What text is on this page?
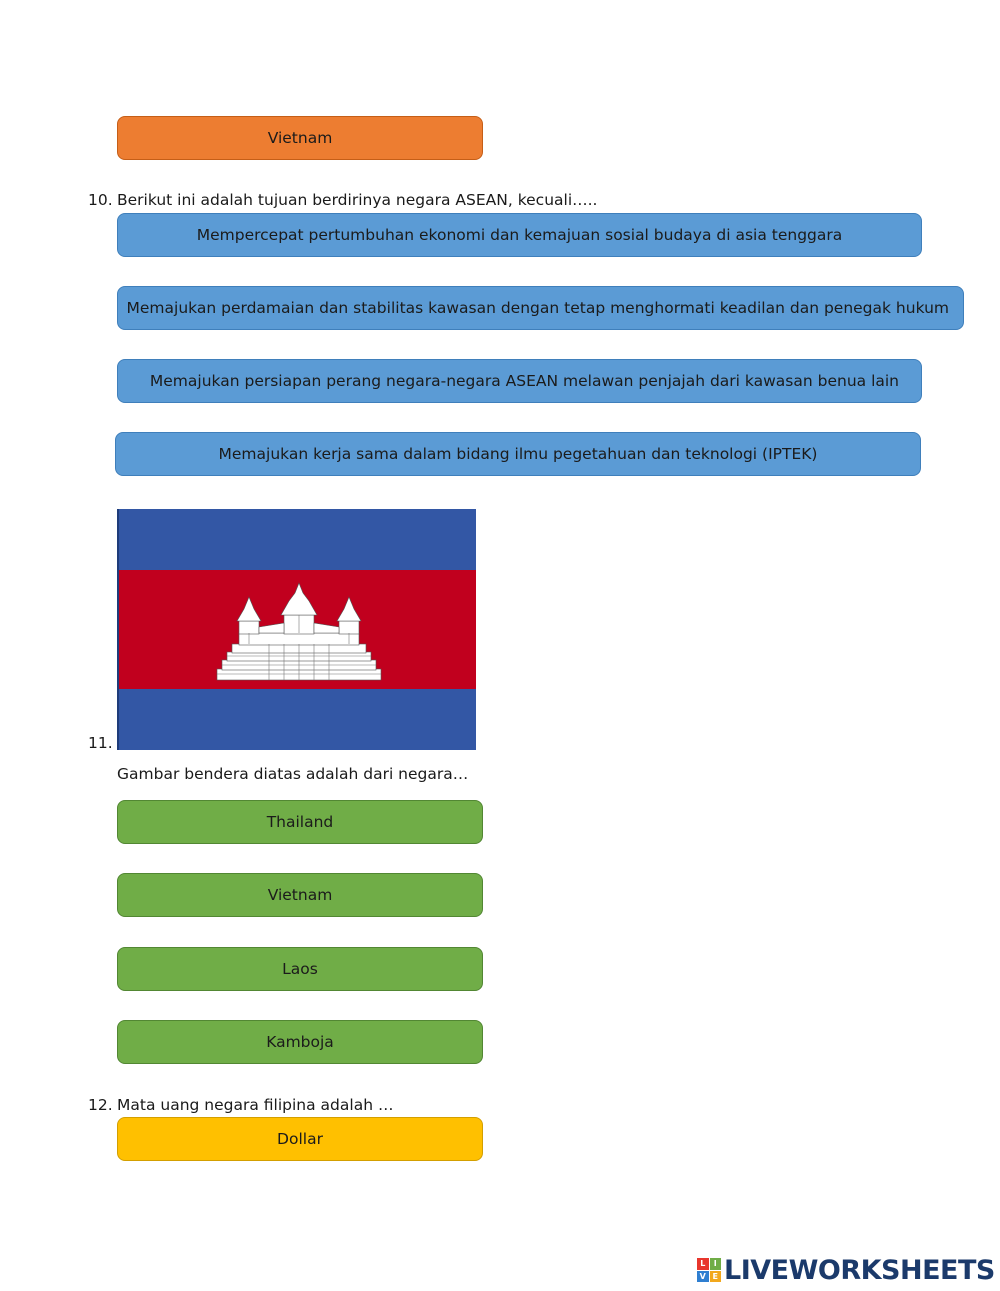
Vietnam
10. Berikut ini adalah tujuan berdirinya negara ASEAN, kecuali…..
Mempercepat pertumbuhan ekonomi dan kemajuan sosial budaya di asia tenggara
Memajukan perdamaian dan stabilitas kawasan dengan tetap menghormati keadilan dan penegak hukum
Memajukan persiapan perang negara-negara ASEAN melawan penjajah dari kawasan benua lain
Memajukan kerja sama dalam bidang ilmu pegetahuan dan teknologi (IPTEK)
11.
Gambar bendera diatas adalah dari negara…
Thailand
Vietnam
Laos
Kamboja
12. Mata uang negara filipina adalah …
Dollar
L	I
V E LIVEWORKSHEETS
